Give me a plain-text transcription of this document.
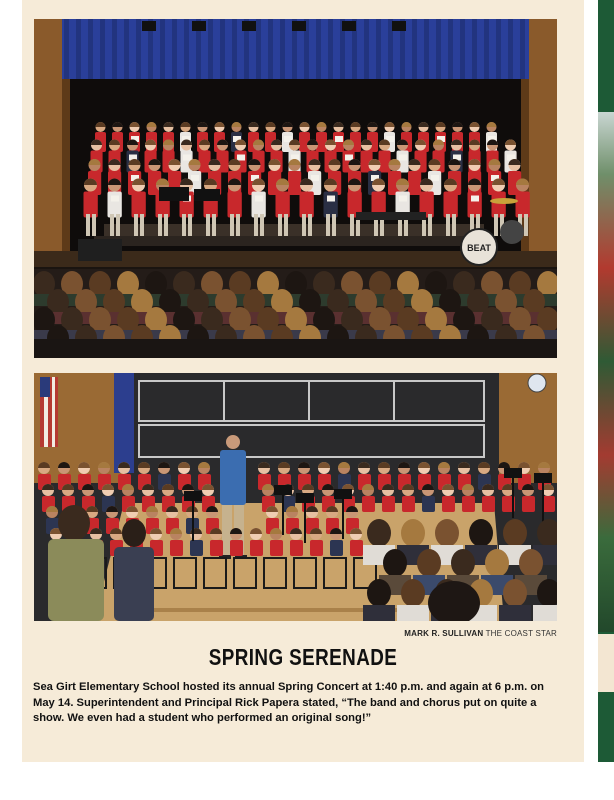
BEAT
MARK R. SULLIVAN THE COAST STAR
SPRING SERENADE
Sea Girt Elementary School hosted its annual Spring Concert at 1:40 p.m. and again at 6 p.m. on May 14. Superintendent and Principal Rick Papera stated, “The band and chorus put on quite a show. We even had a student who performed an original song!”
